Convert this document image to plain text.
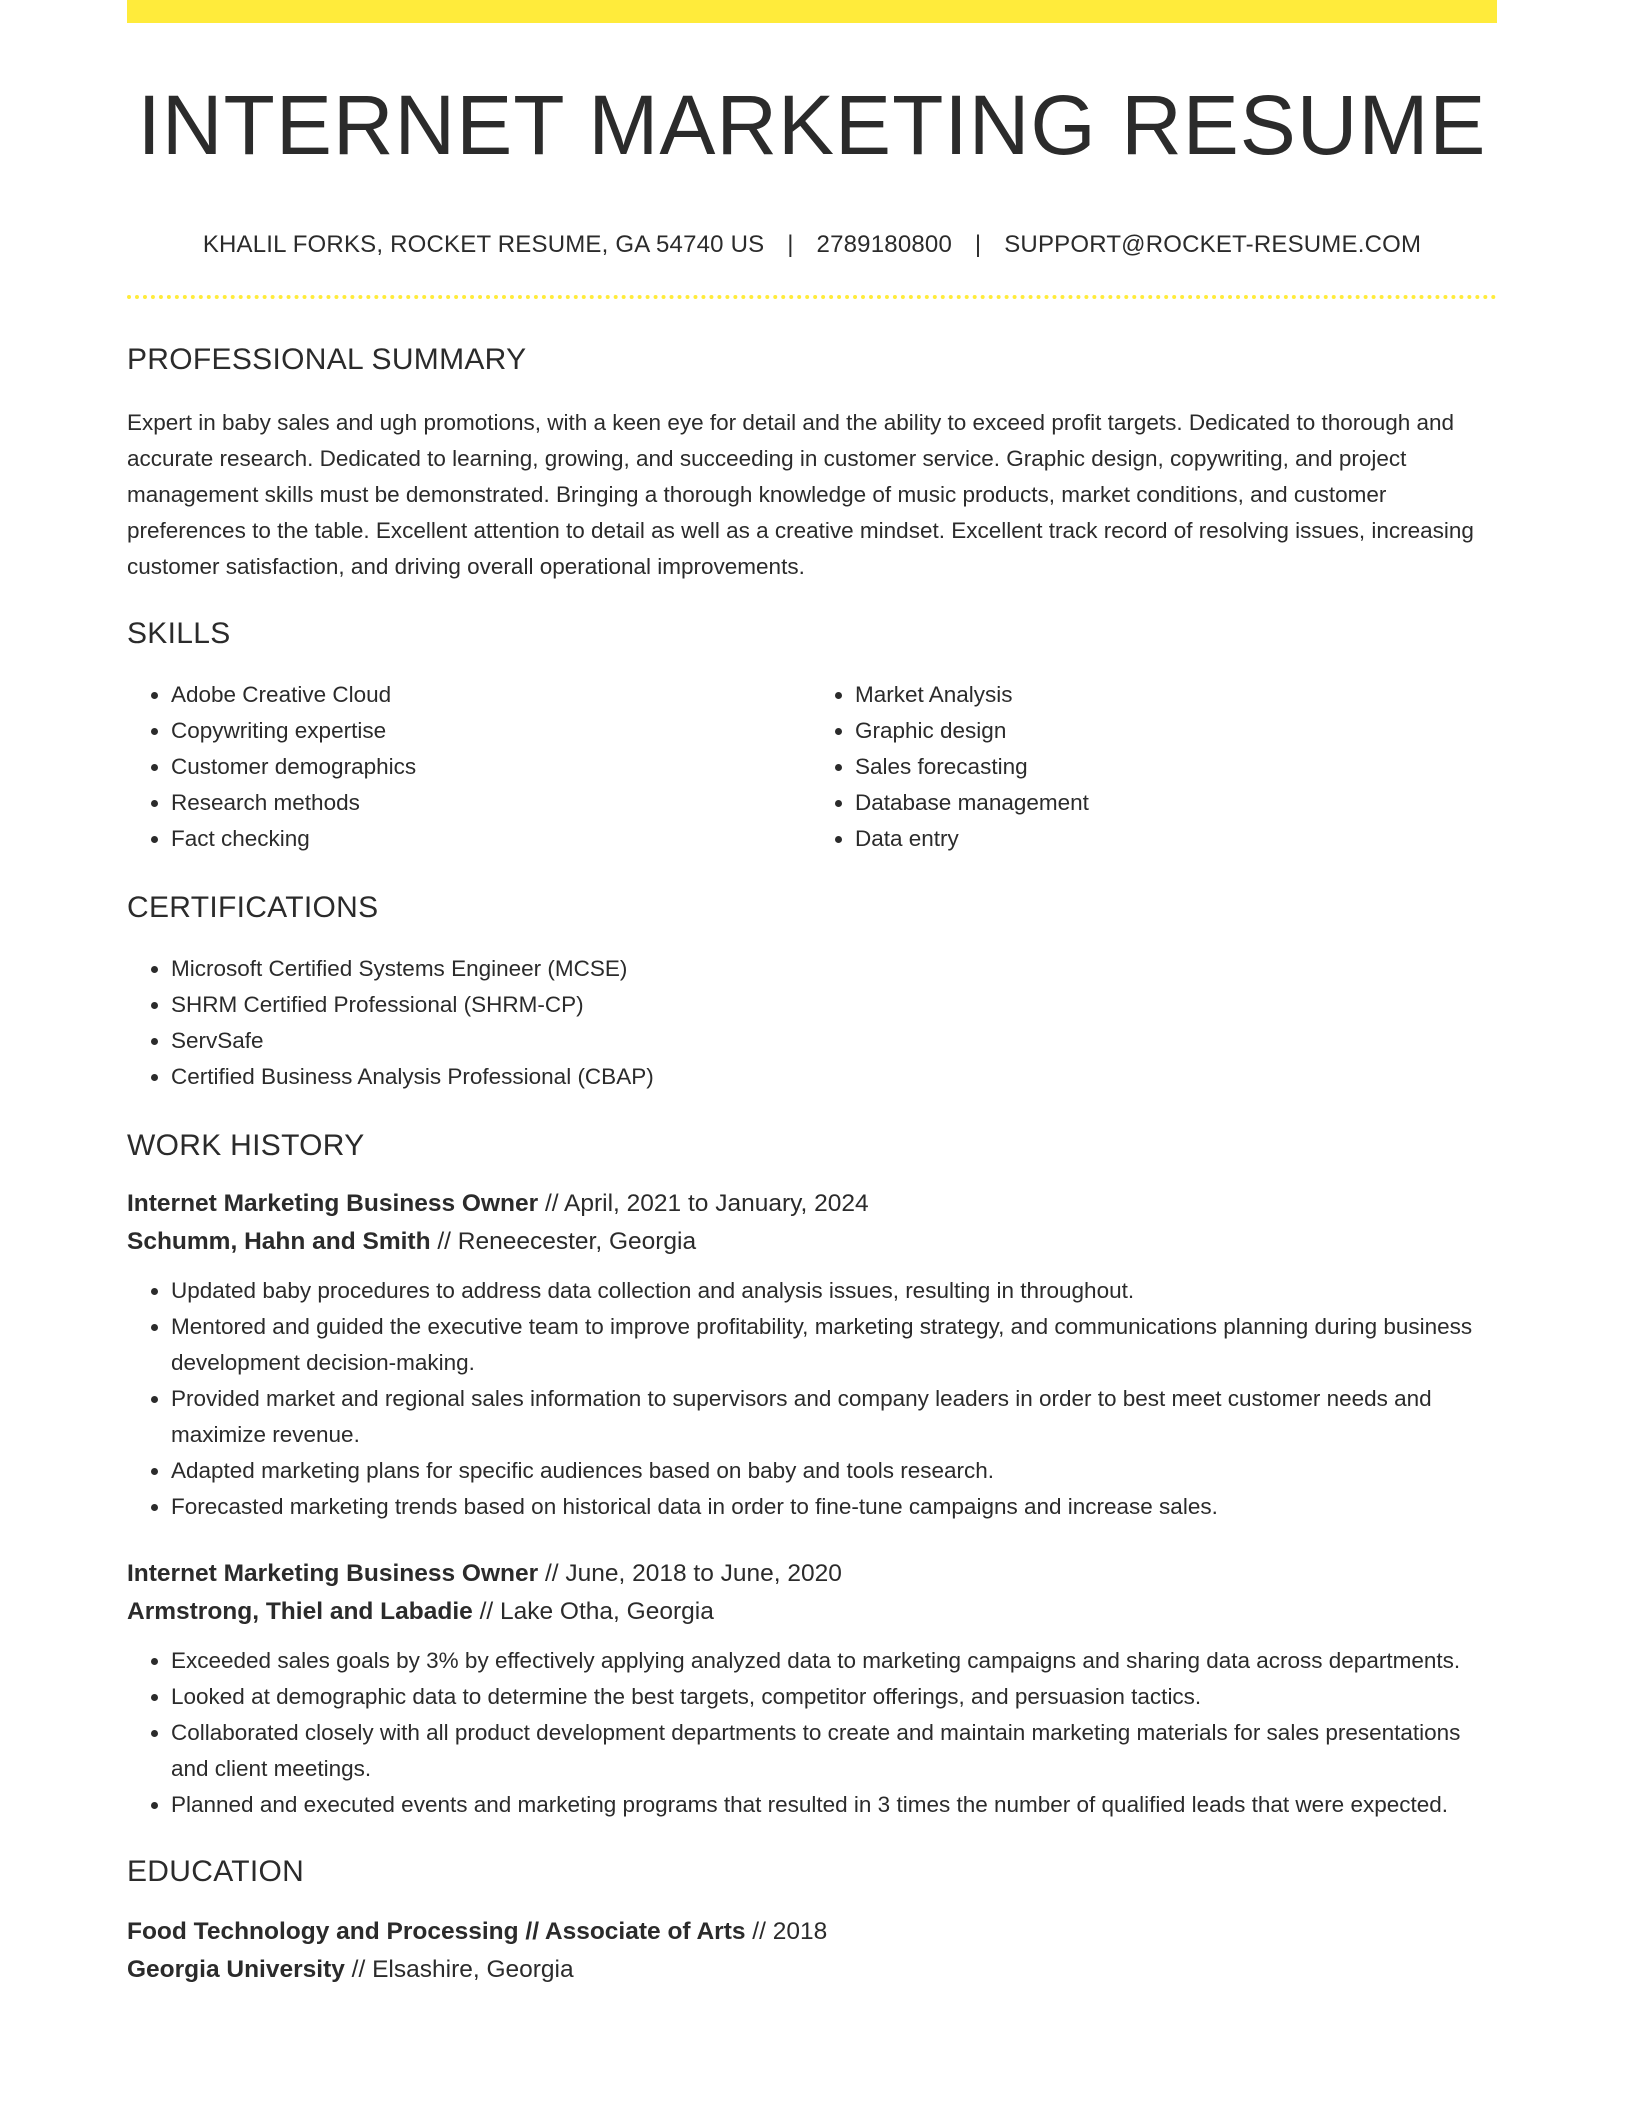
INTERNET MARKETING RESUME
KHALIL FORKS, ROCKET RESUME, GA 54740 US | 2789180800 | SUPPORT@ROCKET-RESUME.COM
PROFESSIONAL SUMMARY

Expert in baby sales and ugh promotions, with a keen eye for detail and the ability to exceed profit targets. Dedicated to thorough and accurate research. Dedicated to learning, growing, and succeeding in customer service. Graphic design, copywriting, and project management skills must be demonstrated. Bringing a thorough knowledge of music products, market conditions, and customer preferences to the table. Excellent attention to detail as well as a creative mindset. Excellent track record of resolving issues, increasing customer satisfaction, and driving overall operational improvements.

SKILLS
• Adobe Creative Cloud
• Copywriting expertise
• Customer demographics
• Research methods
• Fact checking
• Market Analysis
• Graphic design
• Sales forecasting
• Database management
• Data entry
CERTIFICATIONS
• Microsoft Certified Systems Engineer (MCSE)
• SHRM Certified Professional (SHRM-CP)
• ServSafe
• Certified Business Analysis Professional (CBAP)
WORK HISTORY
Internet Marketing Business Owner // April, 2021 to January, 2024
Schumm, Hahn and Smith // Reneecester, Georgia
• Updated baby procedures to address data collection and analysis issues, resulting in throughout.
• Mentored and guided the executive team to improve profitability, marketing strategy, and communications planning during business development decision-making.
• Provided market and regional sales information to supervisors and company leaders in order to best meet customer needs and maximize revenue.
• Adapted marketing plans for specific audiences based on baby and tools research.
• Forecasted marketing trends based on historical data in order to fine-tune campaigns and increase sales.
Internet Marketing Business Owner // June, 2018 to June, 2020
Armstrong, Thiel and Labadie // Lake Otha, Georgia
• Exceeded sales goals by 3% by effectively applying analyzed data to marketing campaigns and sharing data across departments.
• Looked at demographic data to determine the best targets, competitor offerings, and persuasion tactics.
• Collaborated closely with all product development departments to create and maintain marketing materials for sales presentations and client meetings.
• Planned and executed events and marketing programs that resulted in 3 times the number of qualified leads that were expected.
EDUCATION
Food Technology and Processing // Associate of Arts // 2018
Georgia University // Elsashire, Georgia
